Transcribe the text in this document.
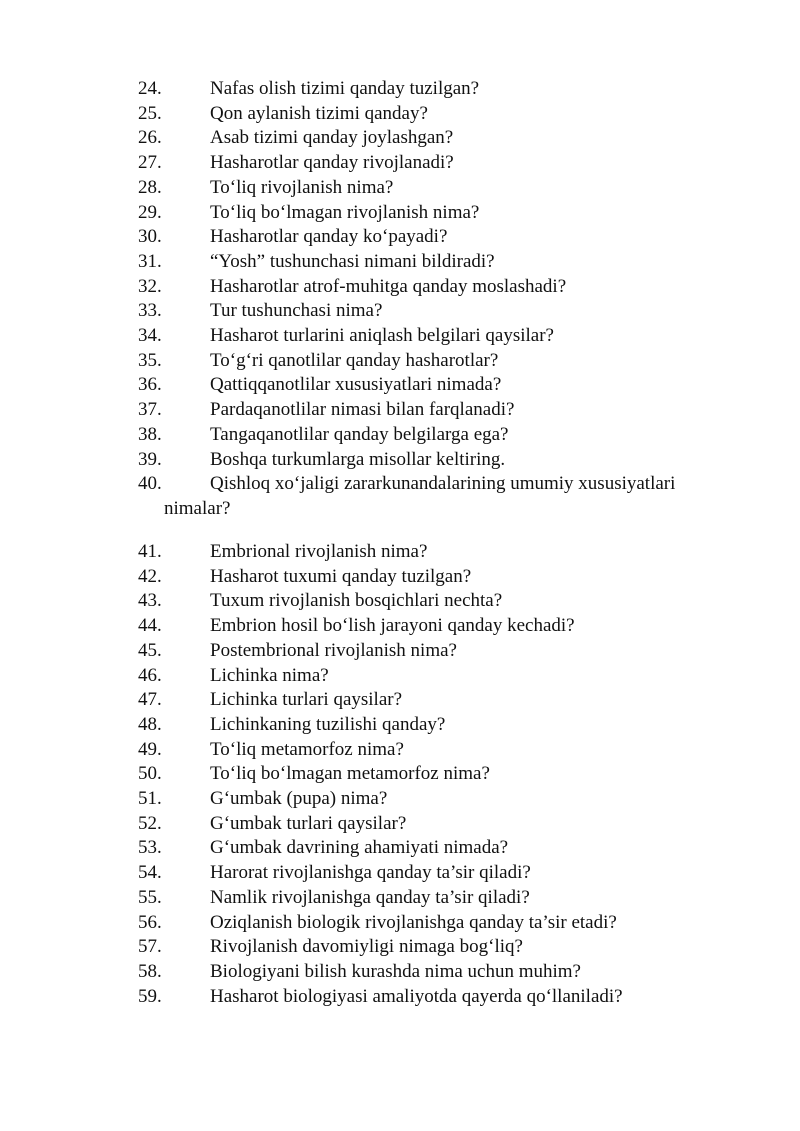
24.	Nafas olish tizimi qanday tuzilgan?
25.	Qon aylanish tizimi qanday?
26.	Asab tizimi qanday joylashgan?
27.	Hasharotlar qanday rivojlanadi?
28.	To‘liq rivojlanish nima?
29.	To‘liq bo‘lmagan rivojlanish nima?
30.	Hasharotlar qanday ko‘payadi?
31.	“Yosh” tushunchasi nimani bildiradi?
32.	Hasharotlar atrof-muhitga qanday moslashadi?
33.	Tur tushunchasi nima?
34.	Hasharot turlarini aniqlash belgilari qaysilar?
35.	To‘g‘ri qanotlilar qanday hasharotlar?
36.	Qattiqqanotlilar xususiyatlari nimada?
37.	Pardaqanotlilar nimasi bilan farqlanadi?
38.	Tangaqanotlilar qanday belgilarga ega?
39.	Boshqa turkumlarga misollar keltiring.
40.	Qishloq xo‘jaligi zararkunandalarining umumiy xususiyatlari
nimalar?
41.	Embrional rivojlanish nima?
42.	Hasharot tuxumi qanday tuzilgan?
43.	Tuxum rivojlanish bosqichlari nechta?
44.	Embrion hosil bo‘lish jarayoni qanday kechadi?
45.	Postembrional rivojlanish nima?
46.	Lichinka nima?
47.	Lichinka turlari qaysilar?
48.	Lichinkaning tuzilishi qanday?
49.	To‘liq metamorfoz nima?
50.	To‘liq bo‘lmagan metamorfoz nima?
51.	G‘umbak (pupa) nima?
52.	G‘umbak turlari qaysilar?
53.	G‘umbak davrining ahamiyati nimada?
54.	Harorat rivojlanishga qanday ta’sir qiladi?
55.	Namlik rivojlanishga qanday ta’sir qiladi?
56.	Oziqlanish biologik rivojlanishga qanday ta’sir etadi?
57.	Rivojlanish davomiyligi nimaga bog‘liq?
58.	Biologiyani bilish kurashda nima uchun muhim?
59.	Hasharot biologiyasi amaliyotda qayerda qo‘llaniladi?
